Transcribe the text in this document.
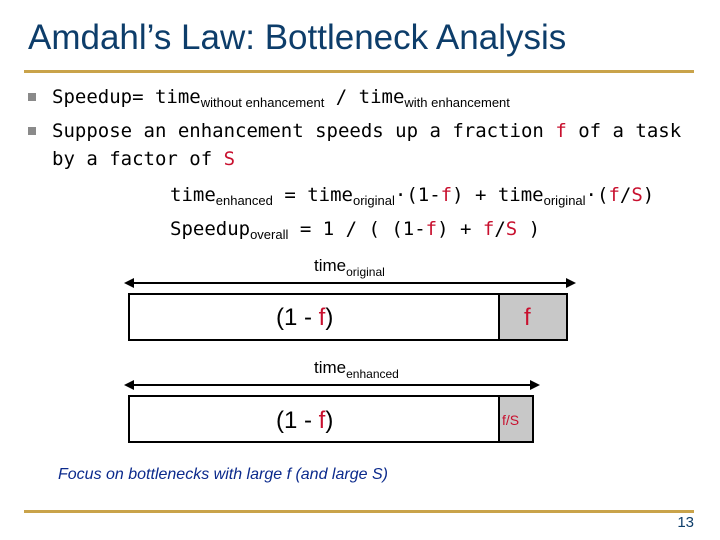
Amdahl’s Law: Bottleneck Analysis
Speedup= time$_{without enhancement}$ / time$_{with enhancement}$
Suppose an enhancement speeds up a fraction f of a task
by a factor of S
time$_{enhanced}$ = time$_{original}$·(1-f) + time$_{original}$·(f/S)
Speedup$_{overall}$ = 1 / ( (1-f) + f/S )
time$_{original}$
(1 - f)	f
time$_{enhanced}$
(1 - f)	f/S
Focus on bottlenecks with large f (and large S)
13
